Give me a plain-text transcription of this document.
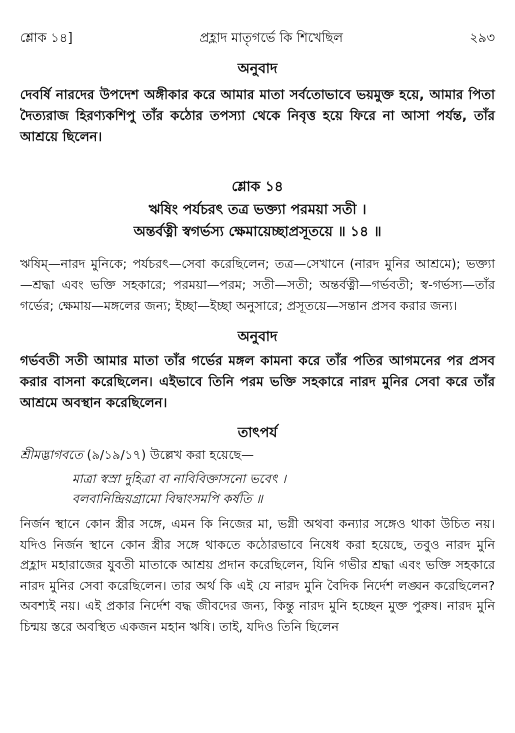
শ্লোক ১৪]	প্রহ্লাদ মাতৃগর্ভে কি শিখেছিল	২৯৩
অনুবাদ

দেবর্ষি নারদের উপদেশ অঙ্গীকার করে আমার মাতা সর্বতোভাবে ভয়মুক্ত হয়ে, আমার পিতা দৈত্যরাজ হিরণ্যকশিপু তাঁর কঠোর তপস্যা থেকে নিবৃত্ত হয়ে ফিরে না আসা পর্যন্ত, তাঁর আশ্রয়ে ছিলেন।

শ্লোক ১৪

ঋষিং পর্যচরৎ তত্র ভক্ত্যা পরময়া সতী ।

অন্তর্বত্নী স্বগর্ভস্য ক্ষেমায়েচ্ছাপ্রসূতয়ে ॥ ১৪ ॥

ঋষিম্—নারদ মুনিকে; পর্যচরৎ—সেবা করেছিলেন; তত্র—সেখানে (নারদ মুনির আশ্রমে); ভক্ত্যা—শ্রদ্ধা এবং ভক্তি সহকারে; পরময়া—পরম; সতী—সতী; অন্তর্বত্নী—গর্ভবতী; স্ব-গর্ভস্য—তাঁর গর্ভের; ক্ষেমায়—মঙ্গলের জন্য; ইচ্ছা—ইচ্ছা অনুসারে; প্রসূতয়ে—সন্তান প্রসব করার জন্য।

অনুবাদ

গর্ভবতী সতী আমার মাতা তাঁর গর্ভের মঙ্গল কামনা করে তাঁর পতির আগমনের পর প্রসব করার বাসনা করেছিলেন। এইভাবে তিনি পরম ভক্তি সহকারে নারদ মুনির সেবা করে তাঁর আশ্রমে অবস্থান করেছিলেন।

তাৎপর্য

শ্রীমদ্ভাগবতে (৯/১৯/১৭) উল্লেখ করা হয়েছে—

মাত্রা স্বস্রা দুহিত্রা বা নাবিবিক্তাসনো ভবেৎ ।

বলবানিন্দ্রিয়গ্রামো বিদ্বাংসমপি কর্ষতি ॥

নির্জন স্থানে কোন স্ত্রীর সঙ্গে, এমন কি নিজের মা, ভগ্নী অথবা কন্যার সঙ্গেও থাকা উচিত নয়। যদিও নির্জন স্থানে কোন স্ত্রীর সঙ্গে থাকতে কঠোরভাবে নিষেধ করা হয়েছে, তবুও নারদ মুনি প্রহ্লাদ মহারাজের যুবতী মাতাকে আশ্রয় প্রদান করেছিলেন, যিনি গভীর শ্রদ্ধা এবং ভক্তি সহকারে নারদ মুনির সেবা করেছিলেন। তার অর্থ কি এই যে নারদ মুনি বৈদিক নির্দেশ লঙ্ঘন করেছিলেন? অবশ্যই নয়। এই প্রকার নির্দেশ বদ্ধ জীবদের জন্য, কিন্তু নারদ মুনি হচ্ছেন মুক্ত পুরুষ। নারদ মুনি চিন্ময় স্তরে অবস্থিত একজন মহান ঋষি। তাই, যদিও তিনি ছিলেন
